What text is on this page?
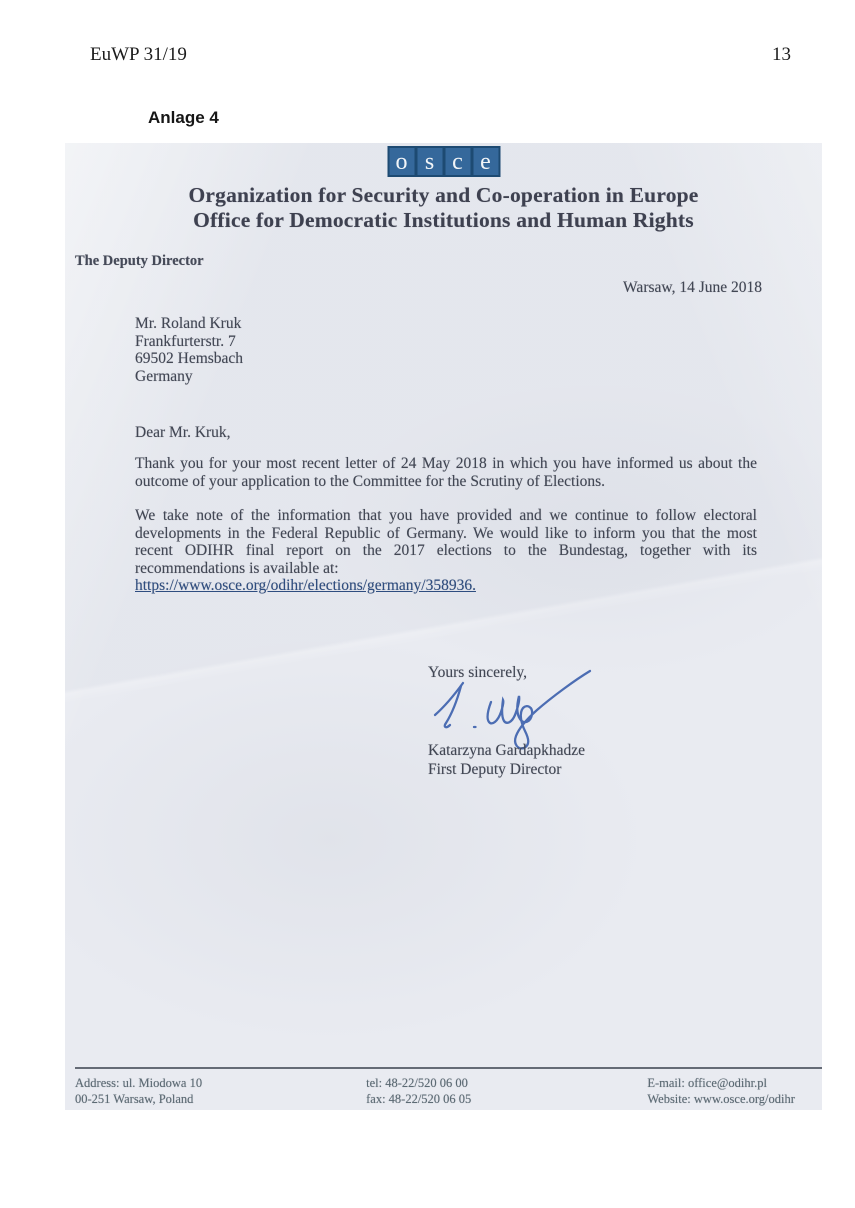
EuWP 31/19	13
Anlage 4
o s c e
Organization for Security and Co-operation in Europe
Office for Democratic Institutions and Human Rights
The Deputy Director
Warsaw, 14 June 2018
Mr. Roland Kruk
Frankfurterstr. 7
69502 Hemsbach
Germany
Dear Mr. Kruk,
Thank you for your most recent letter of 24 May 2018 in which you have informed us about the outcome of your application to the Committee for the Scrutiny of Elections.
We take note of the information that you have provided and we continue to follow electoral developments in the Federal Republic of Germany. We would like to inform you that the most recent ODIHR final report on the 2017 elections to the Bundestag, together with its recommendations is available at:
https://www.osce.org/odihr/elections/germany/358936.
Yours sincerely,
Katarzyna Gardapkhadze
First Deputy Director
Address: ul. Miodowa 10
00-251 Warsaw, Poland
tel: 48-22/520 06 00
fax: 48-22/520 06 05
E-mail: office@odihr.pl
Website: www.osce.org/odihr
